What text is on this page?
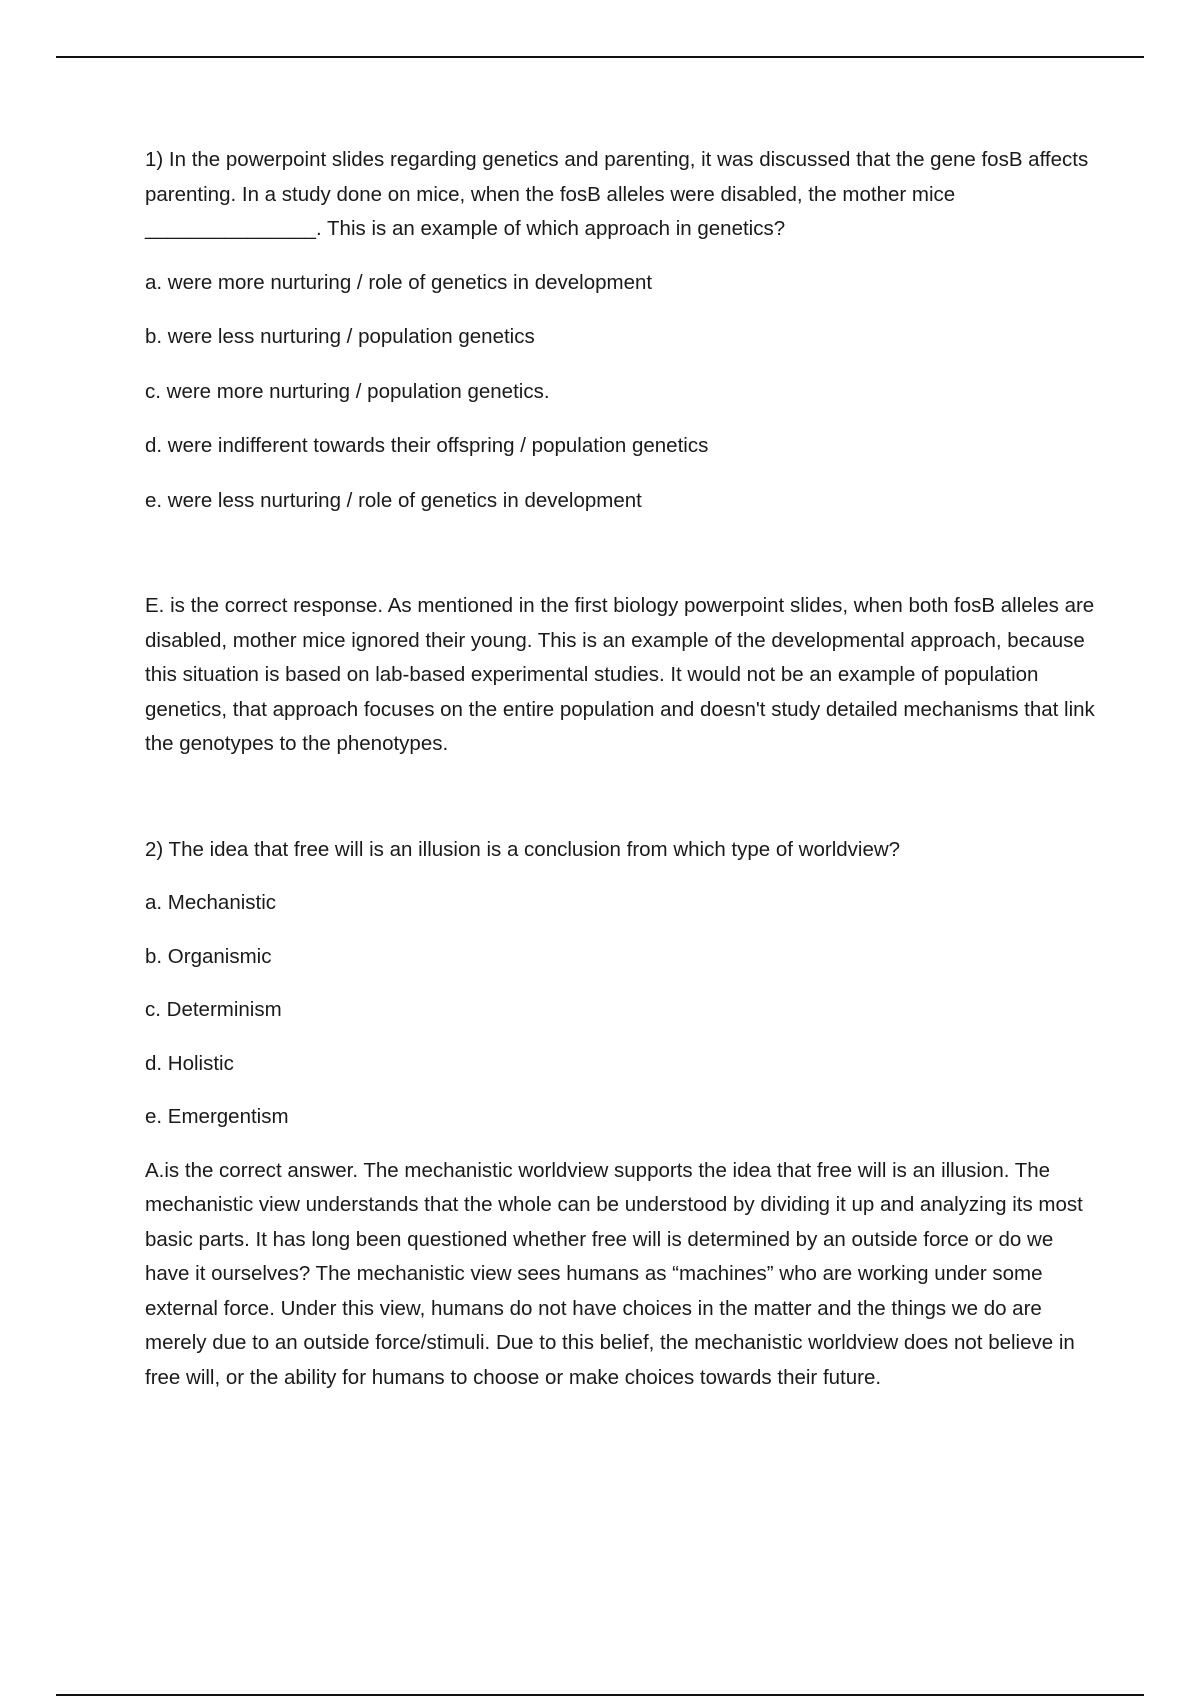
1) In the powerpoint slides regarding genetics and parenting, it was discussed that the gene fosB affects parenting. In a study done on mice, when the fosB alleles were disabled, the mother mice _______________. This is an example of which approach in genetics?

a. were more nurturing / role of genetics in development

b. were less nurturing / population genetics

c. were more nurturing / population genetics.

d. were indifferent towards their offspring / population genetics

e. were less nurturing / role of genetics in development

E. is the correct response. As mentioned in the first biology powerpoint slides, when both fosB alleles are disabled, mother mice ignored their young. This is an example of the developmental approach, because this situation is based on lab-based experimental studies. It would not be an example of population genetics, that approach focuses on the entire population and doesn't study detailed mechanisms that link the genotypes to the phenotypes.

2) The idea that free will is an illusion is a conclusion from which type of worldview?

a. Mechanistic

b. Organismic

c. Determinism

d. Holistic

e. Emergentism

A.is the correct answer. The mechanistic worldview supports the idea that free will is an illusion. The mechanistic view understands that the whole can be understood by dividing it up and analyzing its most basic parts. It has long been questioned whether free will is determined by an outside force or do we have it ourselves? The mechanistic view sees humans as “machines” who are working under some external force. Under this view, humans do not have choices in the matter and the things we do are merely due to an outside force/stimuli. Due to this belief, the mechanistic worldview does not believe in free will, or the ability for humans to choose or make choices towards their future.
